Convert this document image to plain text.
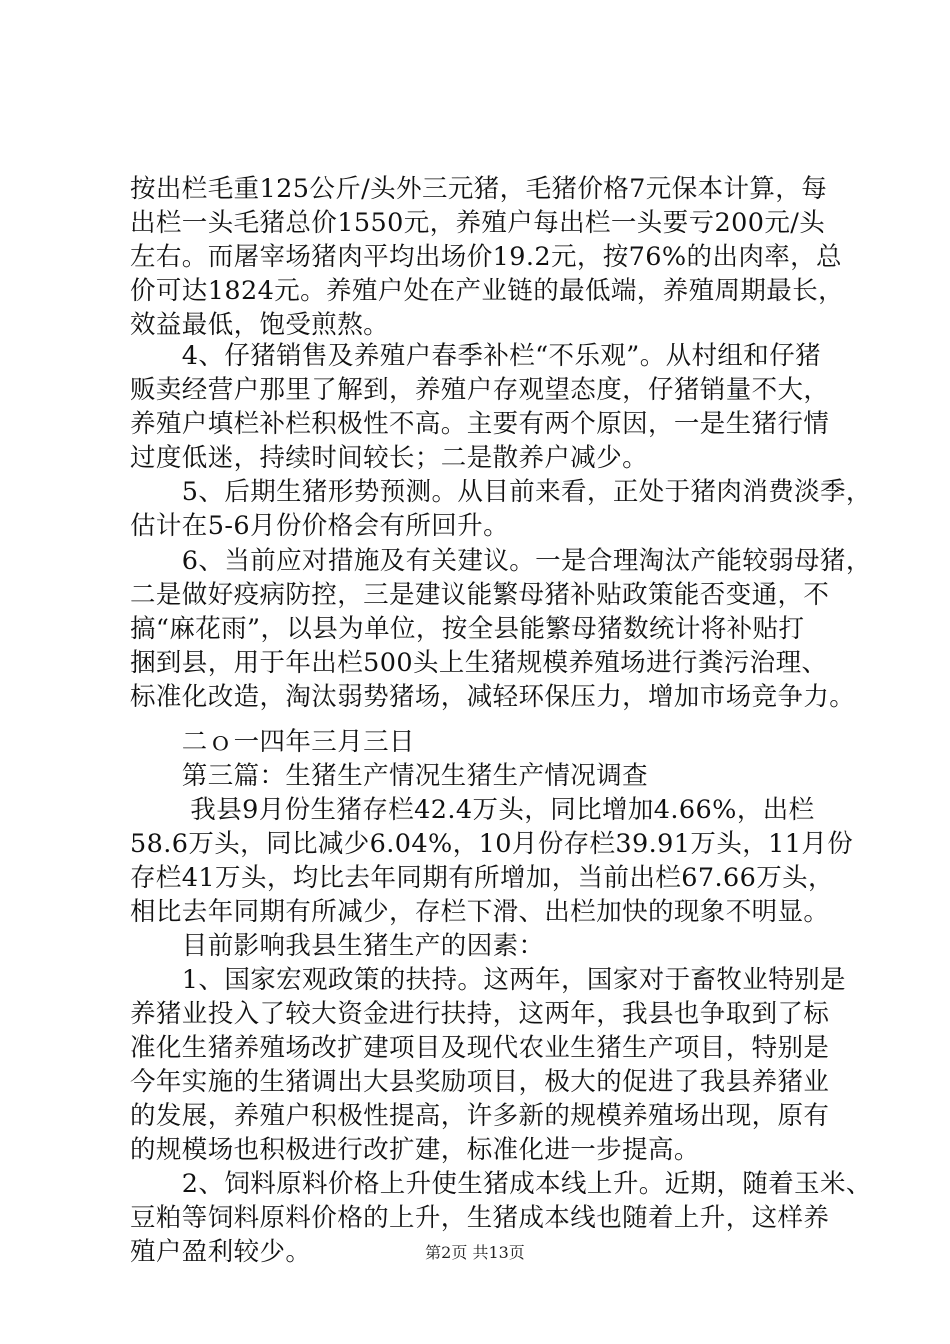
按出栏毛重125公斤/头外三元猪，毛猪价格7元保本计算，每
出栏一头毛猪总价1550元，养殖户每出栏一头要亏200元/头
左右。而屠宰场猪肉平均出场价19.2元，按76%的出肉率，总
价可达1824元。养殖户处在产业链的最低端，养殖周期最长，
效益最低，饱受煎熬。
　　4、仔猪销售及养殖户春季补栏“不乐观”。从村组和仔猪
贩卖经营户那里了解到，养殖户存观望态度，仔猪销量不大，
养殖户填栏补栏积极性不高。主要有两个原因，一是生猪行情
过度低迷，持续时间较长；二是散养户减少。
　　5、后期生猪形势预测。从目前来看，正处于猪肉消费淡季，
估计在5-6月份价格会有所回升。
　　6、当前应对措施及有关建议。一是合理淘汰产能较弱母猪，
二是做好疫病防控，三是建议能繁母猪补贴政策能否变通，不
搞“麻花雨”，以县为单位，按全县能繁母猪数统计将补贴打
捆到县，用于年出栏500头上生猪规模养殖场进行粪污治理、
标准化改造，淘汰弱势猪场，减轻环保压力，增加市场竞争力。
　　二ｏ一四年三月三日
　　第三篇：生猪生产情况生猪生产情况调查
　　 我县9月份生猪存栏42.4万头，同比增加4.66%，出栏
58.6万头，同比减少6.04%，10月份存栏39.91万头，11月份
存栏41万头，均比去年同期有所增加，当前出栏67.66万头，
相比去年同期有所减少，存栏下滑、出栏加快的现象不明显。
　　目前影响我县生猪生产的因素：
　　1、国家宏观政策的扶持。这两年，国家对于畜牧业特别是
养猪业投入了较大资金进行扶持，这两年，我县也争取到了标
准化生猪养殖场改扩建项目及现代农业生猪生产项目，特别是
今年实施的生猪调出大县奖励项目，极大的促进了我县养猪业
的发展，养殖户积极性提高，许多新的规模养殖场出现，原有
的规模场也积极进行改扩建，标准化进一步提高。
　　2、饲料原料价格上升使生猪成本线上升。近期，随着玉米、
豆粕等饲料原料价格的上升，生猪成本线也随着上升，这样养
殖户盈利较少。	第2页 共13页
